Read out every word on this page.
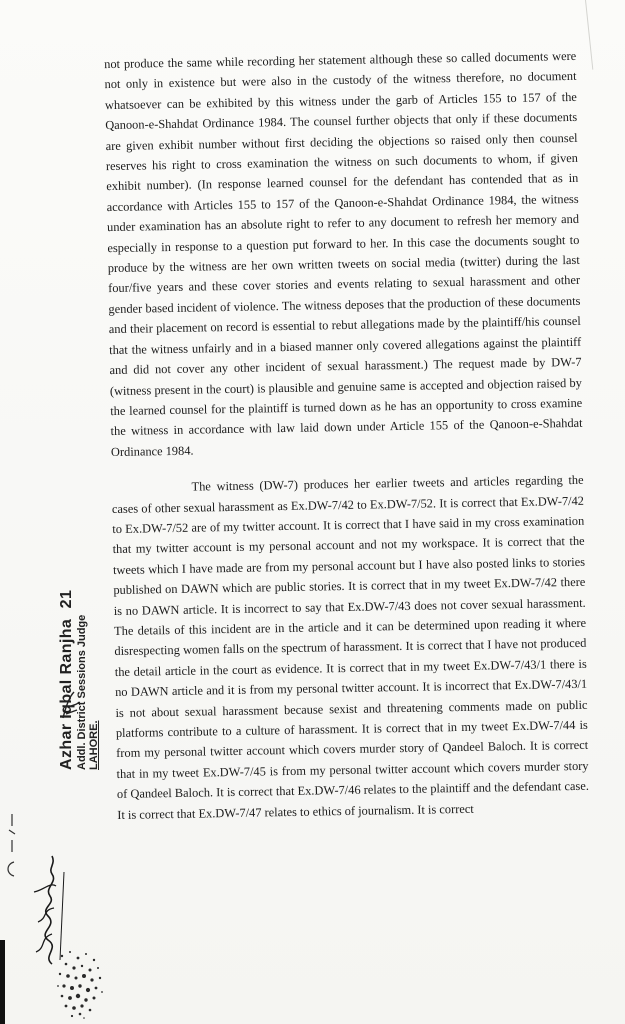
not produce the same while recording her statement although these so called documents were not only in existence but were also in the custody of the witness therefore, no document whatsoever can be exhibited by this witness under the garb of Articles 155 to 157 of the Qanoon-e-Shahdat Ordinance 1984. The counsel further objects that only if these documents are given exhibit number without first deciding the objections so raised only then counsel reserves his right to cross examination the witness on such documents to whom, if given exhibit number). (In response learned counsel for the defendant has contended that as in accordance with Articles 155 to 157 of the Qanoon-e-Shahdat Ordinance 1984, the witness under examination has an absolute right to refer to any document to refresh her memory and especially in response to a question put forward to her. In this case the documents sought to produce by the witness are her own written tweets on social media (twitter) during the last four/five years and these cover stories and events relating to sexual harassment and other gender based incident of violence. The witness deposes that the production of these documents and their placement on record is essential to rebut allegations made by the plaintiff/his counsel that the witness unfairly and in a biased manner only covered allegations against the plaintiff and did not cover any other incident of sexual harassment.) The request made by DW-7 (witness present in the court) is plausible and genuine same is accepted and objection raised by the learned counsel for the plaintiff is turned down as he has an opportunity to cross examine the witness in accordance with law laid down under Article 155 of the Qanoon-e-Shahdat Ordinance 1984.

The witness (DW-7) produces her earlier tweets and articles regarding the cases of other sexual harassment as Ex.DW-7/42 to Ex.DW-7/52. It is correct that Ex.DW-7/42 to Ex.DW-7/52 are of my twitter account. It is correct that I have said in my cross examination that my twitter account is my personal account and not my workspace. It is correct that the tweets which I have made are from my personal account but I have also posted links to stories published on DAWN which are public stories. It is correct that in my tweet Ex.DW-7/42 there is no DAWN article. It is incorrect to say that Ex.DW-7/43 does not cover sexual harassment. The details of this incident are in the article and it can be determined upon reading it where disrespecting women falls on the spectrum of harassment. It is correct that I have not produced the detail article in the court as evidence. It is correct that in my tweet Ex.DW-7/43/1 there is no DAWN article and it is from my personal twitter account. It is incorrect that Ex.DW-7/43/1 is not about sexual harassment because sexist and threatening comments made on public platforms contribute to a culture of harassment. It is correct that in my tweet Ex.DW-7/44 is from my personal twitter account which covers murder story of Qandeel Baloch. It is correct that in my tweet Ex.DW-7/45 is from my personal twitter account which covers murder story of Qandeel Baloch. It is correct that Ex.DW-7/46 relates to the plaintiff and the defendant case. It is correct that Ex.DW-7/47 relates to ethics of journalism. It is correct

Azhar Iqbal Ranjha 21
Addl. District Sessions Judge LAHORE.
